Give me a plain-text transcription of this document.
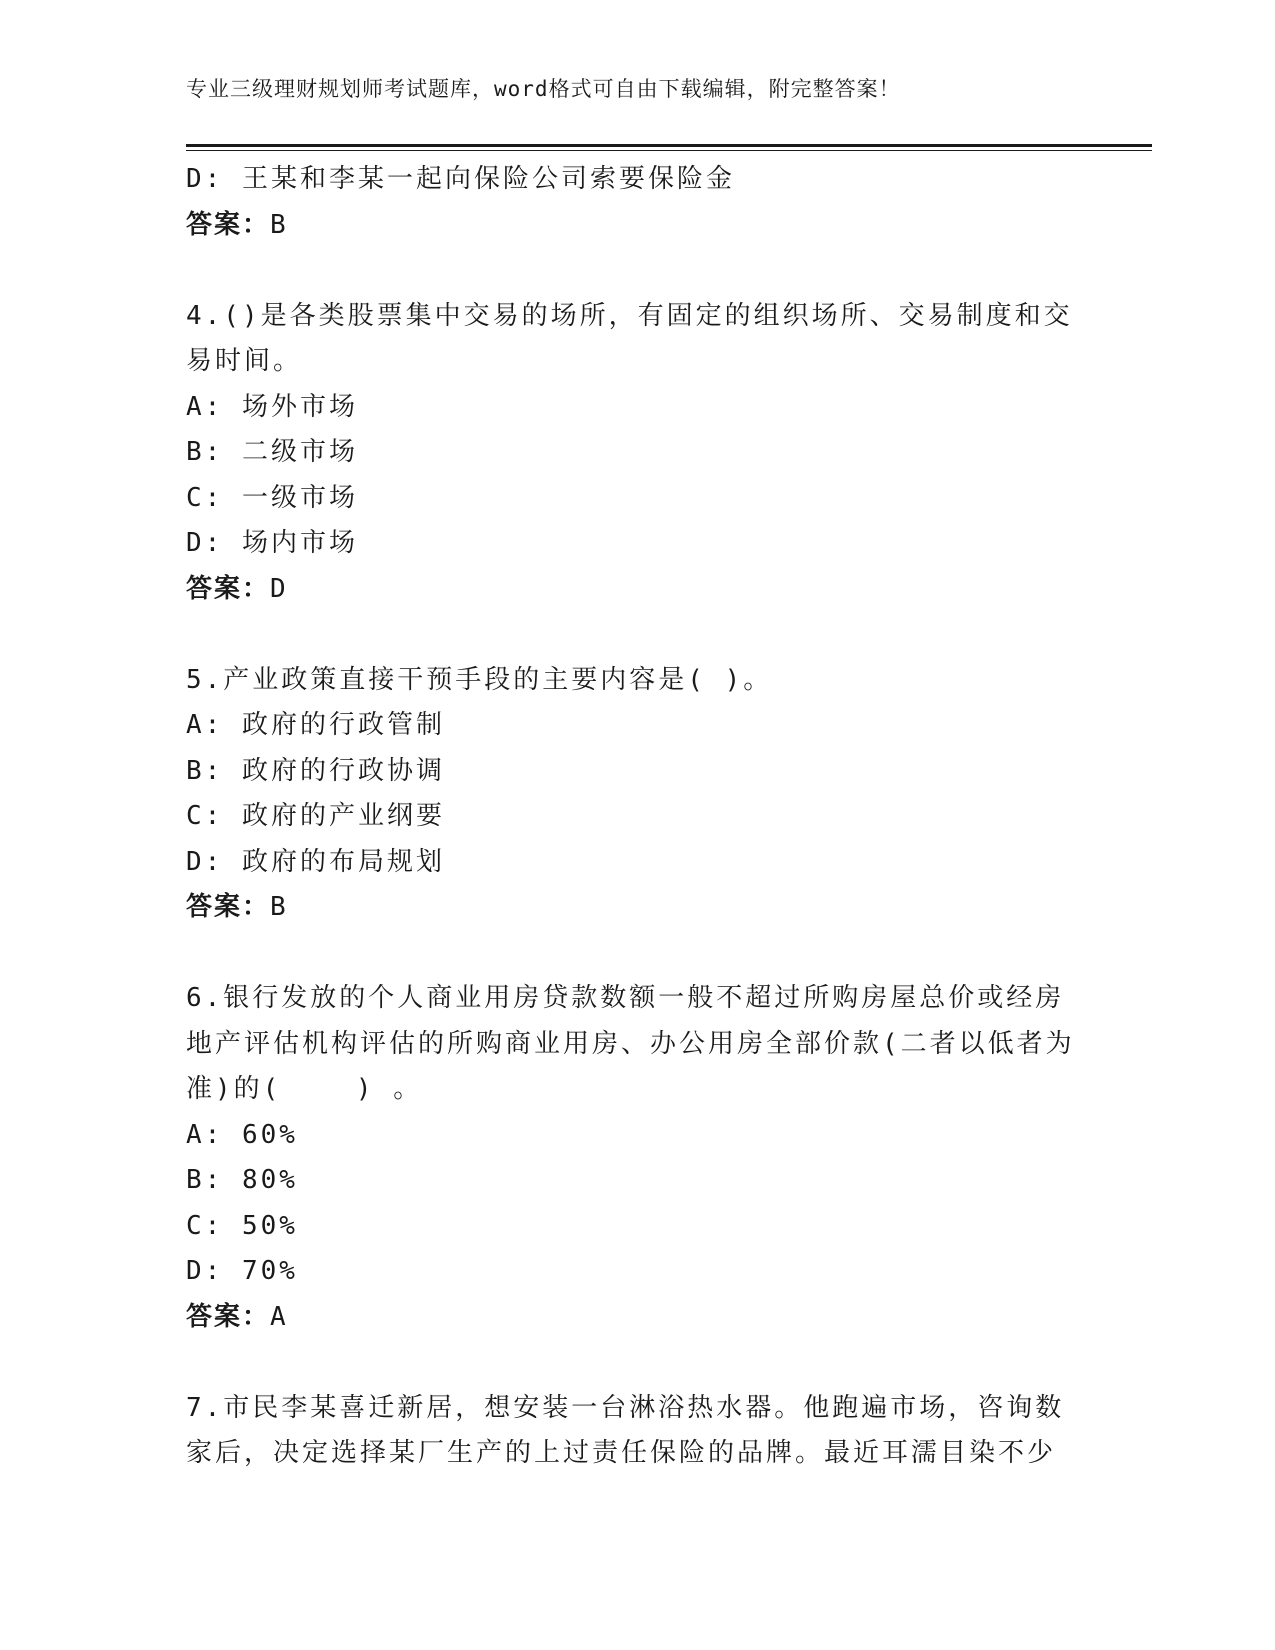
专业三级理财规划师考试题库，word格式可自由下载编辑，附完整答案！
D: 王某和李某一起向保险公司索要保险金
答案：B
4.()是各类股票集中交易的场所，有固定的组织场所、交易制度和交
易时间。
A: 场外市场
B: 二级市场
C: 一级市场
D: 场内市场
答案：D
5.产业政策直接干预手段的主要内容是( )。
A: 政府的行政管制
B: 政府的行政协调
C: 政府的产业纲要
D: 政府的布局规划
答案：B
6.银行发放的个人商业用房贷款数额一般不超过所购房屋总价或经房
地产评估机构评估的所购商业用房、办公用房全部价款(二者以低者为
准)的(    ) 。
A: 60%
B: 80%
C: 50%
D: 70%
答案：A
7.市民李某喜迁新居，想安装一台淋浴热水器。他跑遍市场，咨询数
家后，决定选择某厂生产的上过责任保险的品牌。最近耳濡目染不少
